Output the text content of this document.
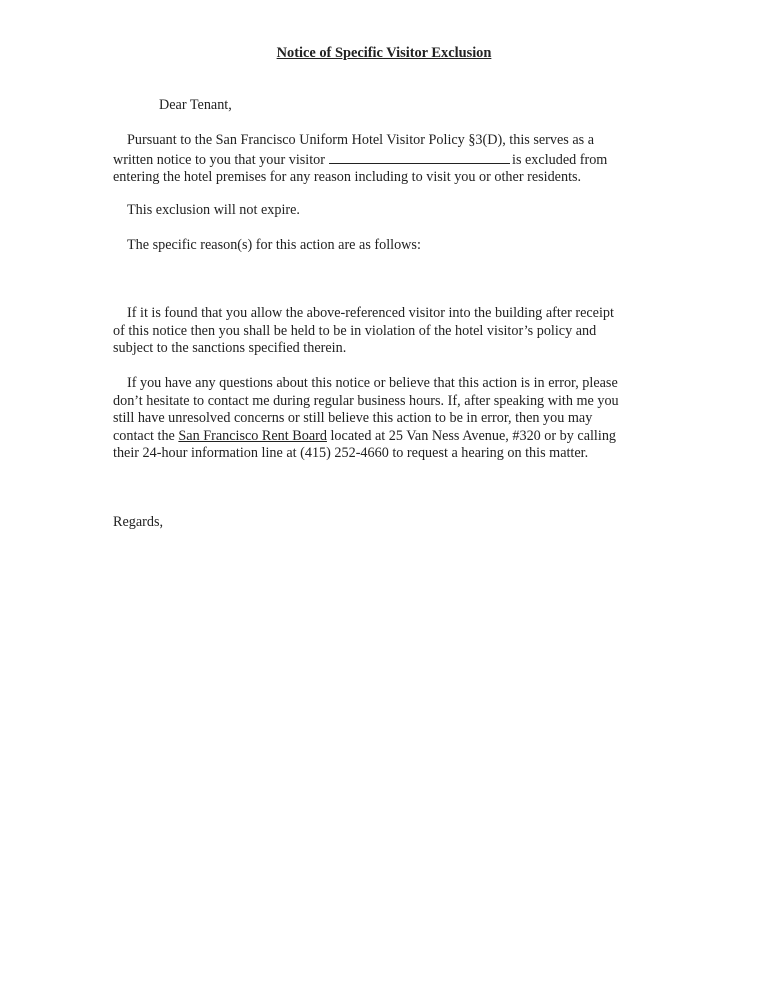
Notice of Specific Visitor Exclusion
Dear Tenant,
Pursuant to the San Francisco Uniform Hotel Visitor Policy §3(D), this serves as a
written notice to you that your visitor	is excluded from
entering the hotel premises for any reason including to visit you or other residents.
This exclusion will not expire.
The specific reason(s) for this action are as follows:
If it is found that you allow the above-referenced visitor into the building after receipt
of this notice then you shall be held to be in violation of the hotel visitor’s policy and
subject to the sanctions specified therein.
If you have any questions about this notice or believe that this action is in error, please
don’t hesitate to contact me during regular business hours. If, after speaking with me you
still have unresolved concerns or still believe this action to be in error, then you may
contact the San Francisco Rent Board located at 25 Van Ness Avenue, #320 or by calling
their 24-hour information line at (415) 252-4660 to request a hearing on this matter.
Regards,
